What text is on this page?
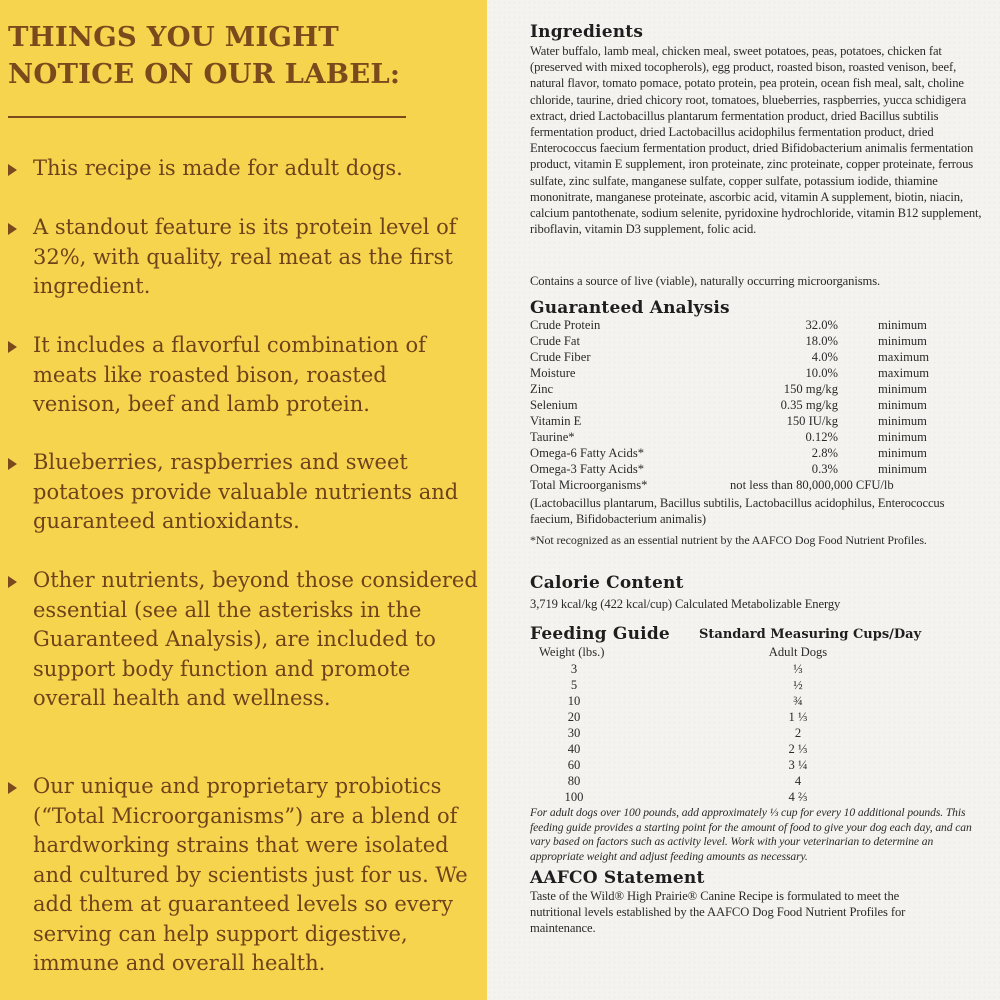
THINGS YOU MIGHT
NOTICE ON OUR LABEL:
This recipe is made for adult dogs.
A standout feature is its protein level of 32%, with quality, real meat as the first ingredient.
It includes a flavorful combination of meats like roasted bison, roasted venison, beef and lamb protein.
Blueberries, raspberries and sweet potatoes provide valuable nutrients and guaranteed antioxidants.
Other nutrients, beyond those considered essential (see all the asterisks in the Guaranteed Analysis), are included to support body function and promote overall health and wellness.
Our unique and proprietary probiotics (“Total Microorganisms”) are a blend of hardworking strains that were isolated and cultured by scientists just for us. We add them at guaranteed levels so every serving can help support digestive, immune and overall health.
Ingredients
Water buffalo, lamb meal, chicken meal, sweet potatoes, peas, potatoes, chicken fat (preserved with mixed tocopherols), egg product, roasted bison, roasted venison, beef, natural flavor, tomato pomace, potato protein, pea protein, ocean fish meal, salt, choline chloride, taurine, dried chicory root, tomatoes, blueberries, raspberries, yucca schidigera extract, dried Lactobacillus plantarum fermentation product, dried Bacillus subtilis fermentation product, dried Lactobacillus acidophilus fermentation product, dried Enterococcus faecium fermentation product, dried Bifidobacterium animalis fermentation product, vitamin E supplement, iron proteinate, zinc proteinate, copper proteinate, ferrous sulfate, zinc sulfate, manganese sulfate, copper sulfate, potassium iodide, thiamine mononitrate, manganese proteinate, ascorbic acid, vitamin A supplement, biotin, niacin, calcium pantothenate, sodium selenite, pyridoxine hydrochloride, vitamin B12 supplement, riboflavin, vitamin D3 supplement, folic acid.
Contains a source of live (viable), naturally occurring microorganisms.
Guaranteed Analysis
Crude Protein	32.0%	minimum
Crude Fat	18.0%	minimum
Crude Fiber	4.0%	maximum
Moisture	10.0%	maximum
Zinc	150 mg/kg	minimum
Selenium	0.35 mg/kg	minimum
Vitamin E	150 IU/kg	minimum
Taurine*	0.12%	minimum
Omega-6 Fatty Acids*	2.8%	minimum
Omega-3 Fatty Acids*	0.3%	minimum
Total Microorganisms*	not less than 80,000,000 CFU/lb
(Lactobacillus plantarum, Bacillus subtilis, Lactobacillus acidophilus, Enterococcus faecium, Bifidobacterium animalis)
*Not recognized as an essential nutrient by the AAFCO Dog Food Nutrient Profiles.
Calorie Content
3,719 kcal/kg (422 kcal/cup) Calculated Metabolizable Energy
Feeding Guide Standard Measuring Cups/Day
Weight (lbs.)	Adult Dogs
3	⅓
5	½
10	¾
20	1 ⅓
30	2
40	2 ⅓
60	3 ¼
80	4
100	4 ⅔
For adult dogs over 100 pounds, add approximately ⅓ cup for every 10 additional pounds. This feeding guide provides a starting point for the amount of food to give your dog each day, and can vary based on factors such as activity level. Work with your veterinarian to determine an appropriate weight and adjust feeding amounts as necessary.
AAFCO Statement
Taste of the Wild® High Prairie® Canine Recipe is formulated to meet the nutritional levels established by the AAFCO Dog Food Nutrient Profiles for maintenance.
